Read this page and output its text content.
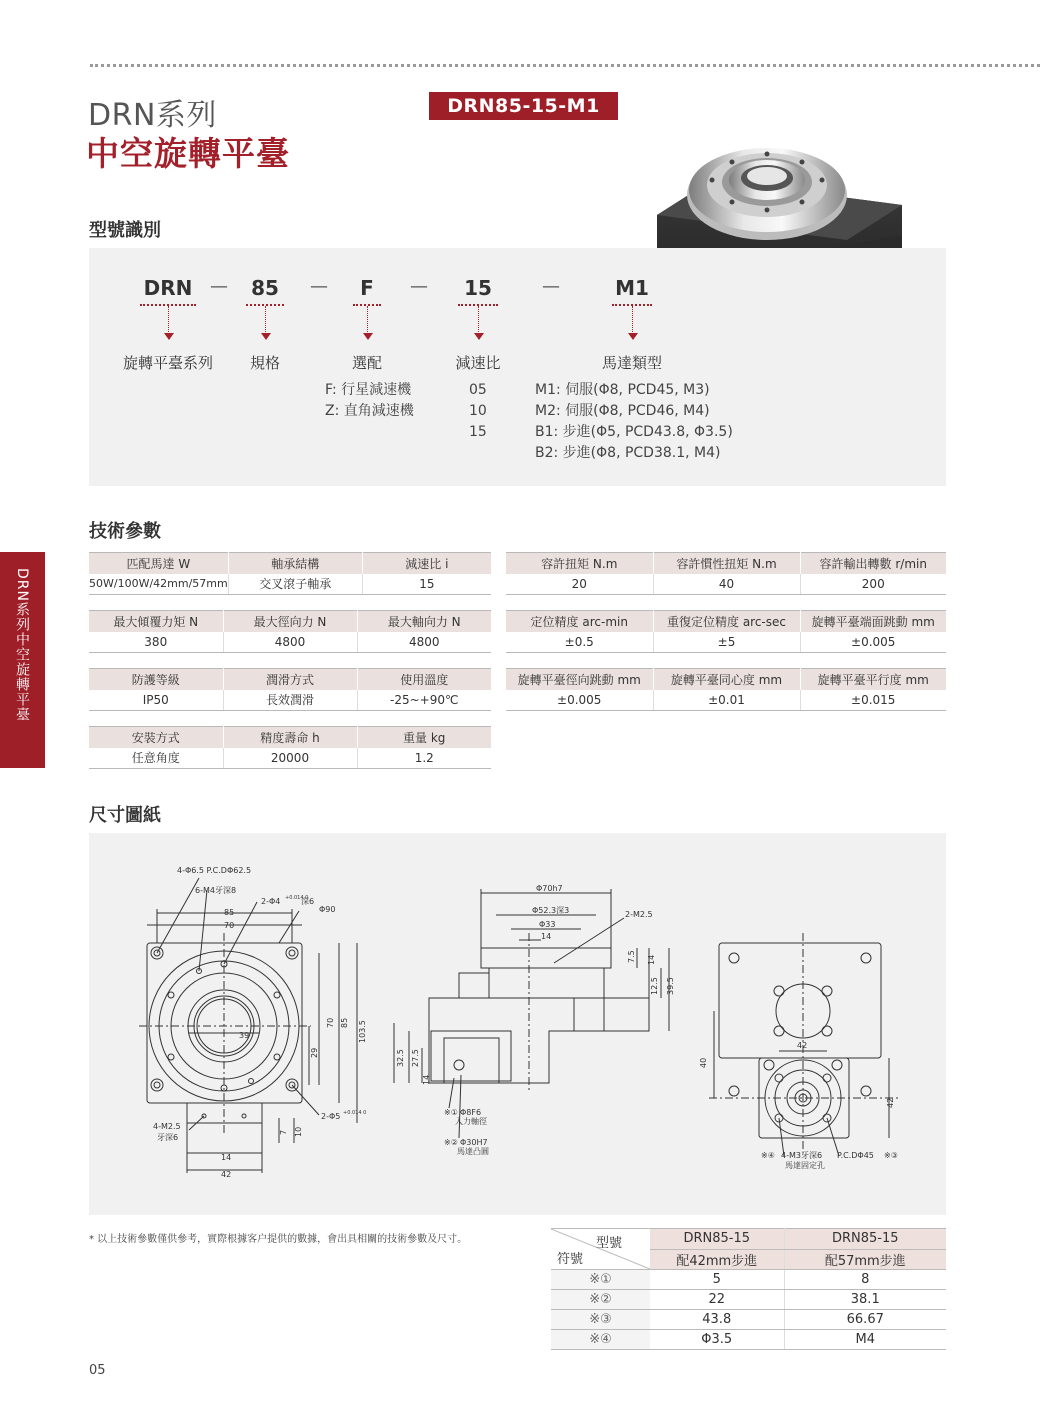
DRN系列
中空旋轉平臺
DRN85-15-M1
型號識別
DRN —	85	—	F	—	15	—	M1
旋轉平臺系列	規格	選配	減速比	馬達類型
F: 行星減速機
Z: 直角減速機
05
10
15
M1: 伺服(Φ8, PCD45, M3)
M2: 伺服(Φ8, PCD46, M4)
B1: 步進(Φ5, PCD43.8, Φ3.5)
B2: 步進(Φ8, PCD38.1, M4)
DRN系列中空旋轉平臺
技術參數
匹配馬達 W	軸承結構	減速比 i
50W/100W/42mm/57mm	交叉滾子軸承	15
最大傾覆力矩 N	最大徑向力 N	最大軸向力 N
380	4800	4800
防護等級	潤滑方式	使用溫度
IP50	長效潤滑	-25~+90℃
安裝方式	精度壽命 h	重量 kg
任意角度	20000	1.2
容許扭矩 N.m	容許慣性扭矩 N.m	容許輸出轉數 r/min
20	40	200
定位精度 arc-min	重復定位精度 arc-sec	旋轉平臺端面跳動 mm
±0.5	±5	±0.005
旋轉平臺徑向跳動 mm	旋轉平臺同心度 mm	旋轉平臺平行度 mm
±0.005	±0.01	±0.015
尺寸圖紙
4-Φ6.5 P.C.DΦ62.5
6-M4牙深8
2-Φ4 +0.014 0
深6
Φ90
85
70
39
29
70 85 103.5
2-Φ5 +0.014 0
4-M2.5
牙深6
7 10
14
42
Φ70h7
Φ52.3深3
Φ33
14
2-M2.5
7.5 14
12.5 39.5
32.5 27.5
14
※① Φ8F6
入力軸徑
※② Φ30H7
馬達凸圓
42
40
42
※④ 4-M3牙深6
馬達固定孔
P.C.DΦ45 ※③
* 以上技術參數僅供參考，實際根據客户提供的數據，會出具相關的技術參數及尺寸。	型號
符號	DRN85-15	DRN85-15
	配42mm步進	配57mm步進
※①	5	8
※②	22	38.1
※③	43.8	66.67
※④	Φ3.5	M4
05
